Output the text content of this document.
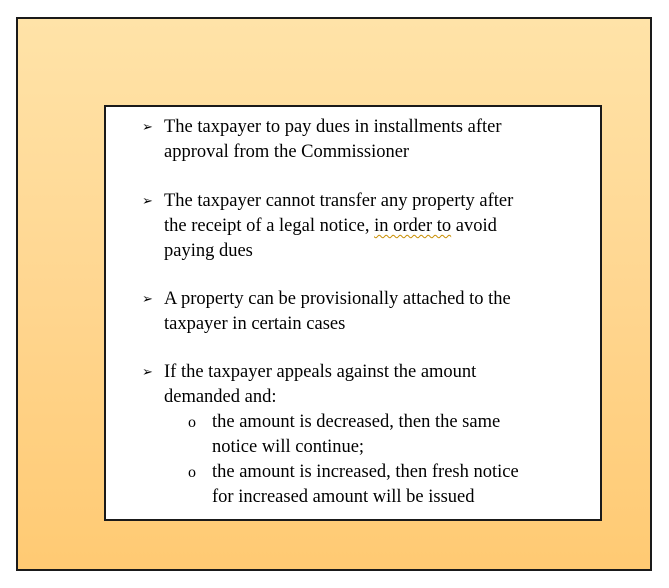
➢ The taxpayer to pay dues in installments after
approval from the Commissioner
➢ The taxpayer cannot transfer any property after
the receipt of a legal notice, in order to avoid
paying dues
➢ A property can be provisionally attached to the
taxpayer in certain cases
➢ If the taxpayer appeals against the amount
demanded and:
o the amount is decreased, then the same
notice will continue;
o the amount is increased, then fresh notice
for increased amount will be issued
